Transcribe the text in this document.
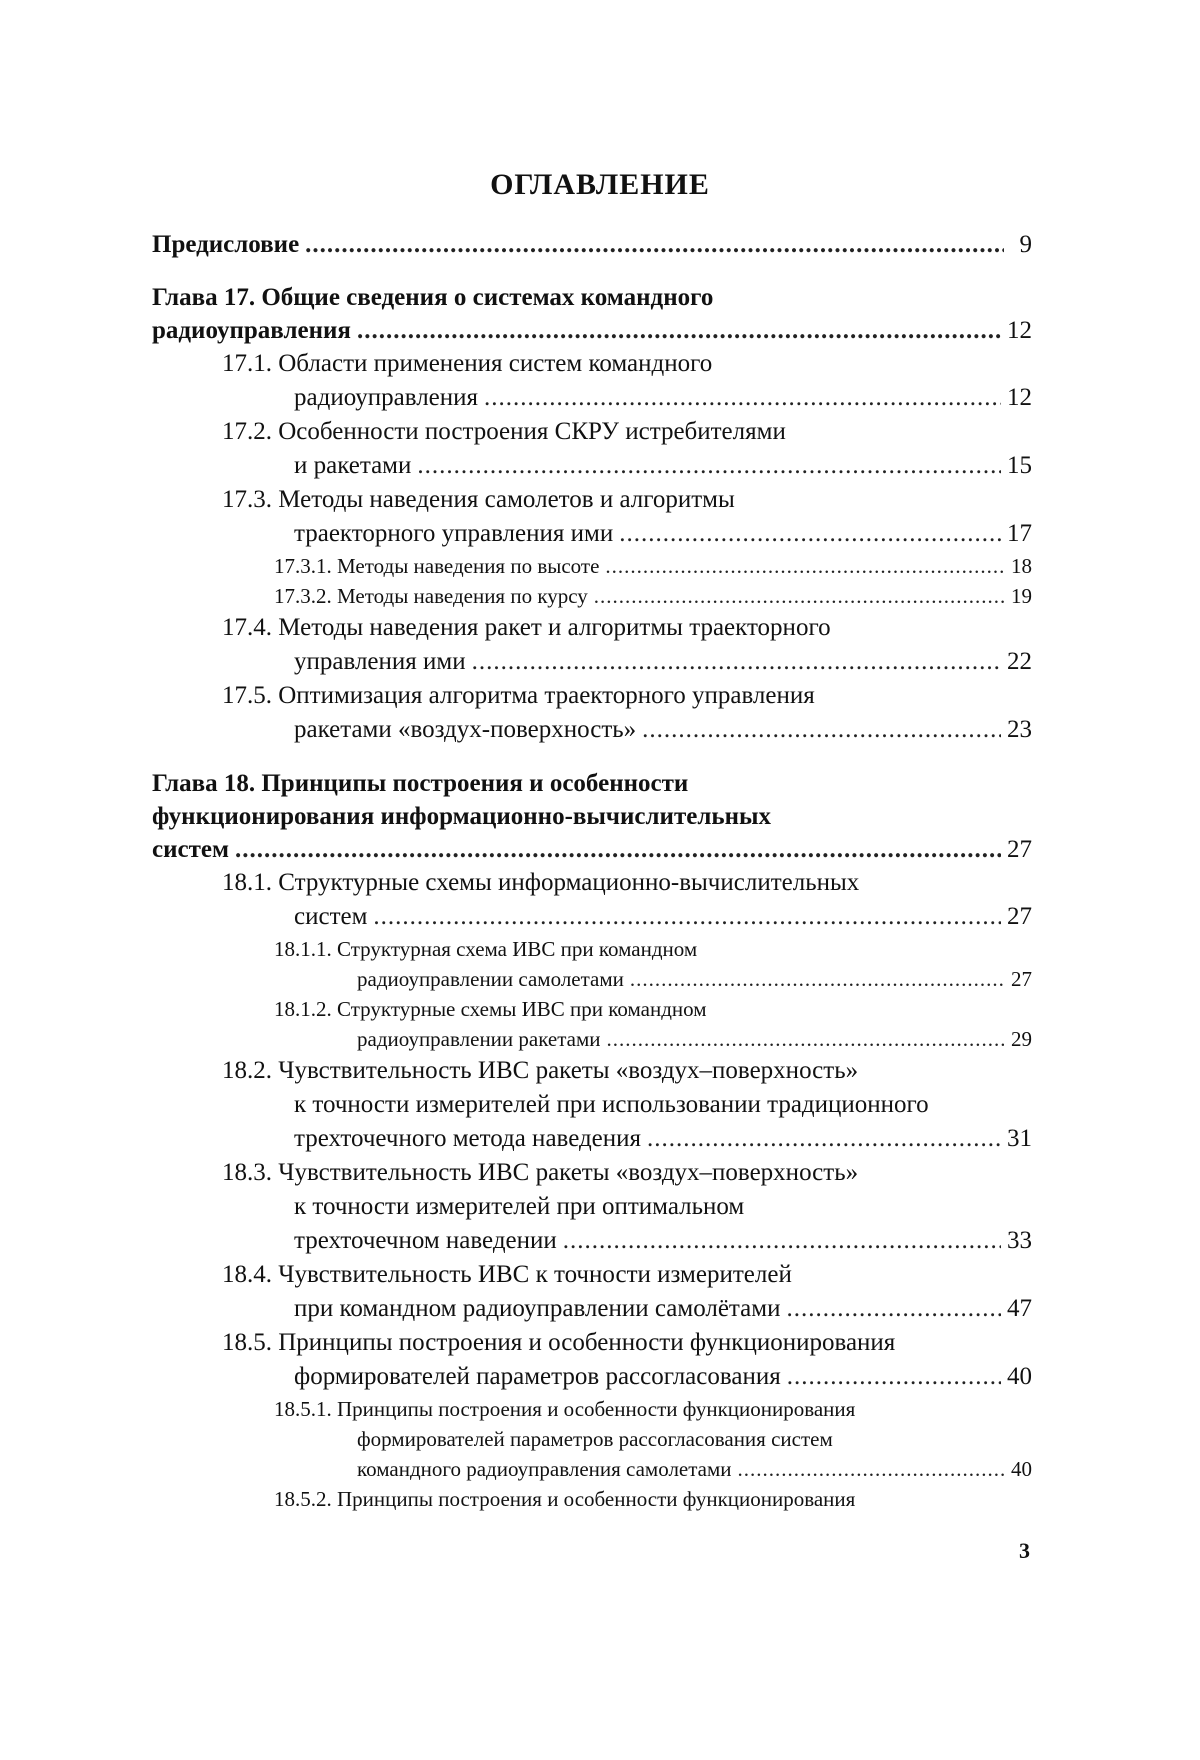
ОГЛАВЛЕНИЕ
Предисловие .....	9
Глава 17. Общие сведения о системах командного
радиоуправления .....	12
17.1. Области применения систем командного
радиоуправления .....	12
17.2. Особенности построения СКРУ истребителями
и ракетами .....	15
17.3. Методы наведения самолетов и алгоритмы
траекторного управления ими .....	17
17.3.1. Методы наведения по высоте .....	18
17.3.2. Методы наведения по курсу .....	19
17.4. Методы наведения ракет и алгоритмы траекторного
управления ими .....	22
17.5. Оптимизация алгоритма траекторного управления
ракетами «воздух-поверхность» .....	23
Глава 18. Принципы построения и особенности
функционирования информационно-вычислительных
систем .....	27
18.1. Структурные схемы информационно-вычислительных
систем .....	27
18.1.1. Структурная схема ИВС при командном
радиоуправлении самолетами .....	27
18.1.2. Структурные схемы ИВС при командном
радиоуправлении ракетами .....	29
18.2. Чувствительность ИВС ракеты «воздух–поверхность»
к точности измерителей при использовании традиционного
трехточечного метода наведения .....	31
18.3. Чувствительность ИВС ракеты «воздух–поверхность»
к точности измерителей при оптимальном
трехточечном наведении .....	33
18.4. Чувствительность ИВС к точности измерителей
при командном радиоуправлении самолётами .....	47
18.5. Принципы построения и особенности функционирования
формирователей параметров рассогласования .....	40
18.5.1. Принципы построения и особенности функционирования
формирователей параметров рассогласования систем
командного радиоуправления самолетами .....	40
18.5.2. Принципы построения и особенности функционирования
3
